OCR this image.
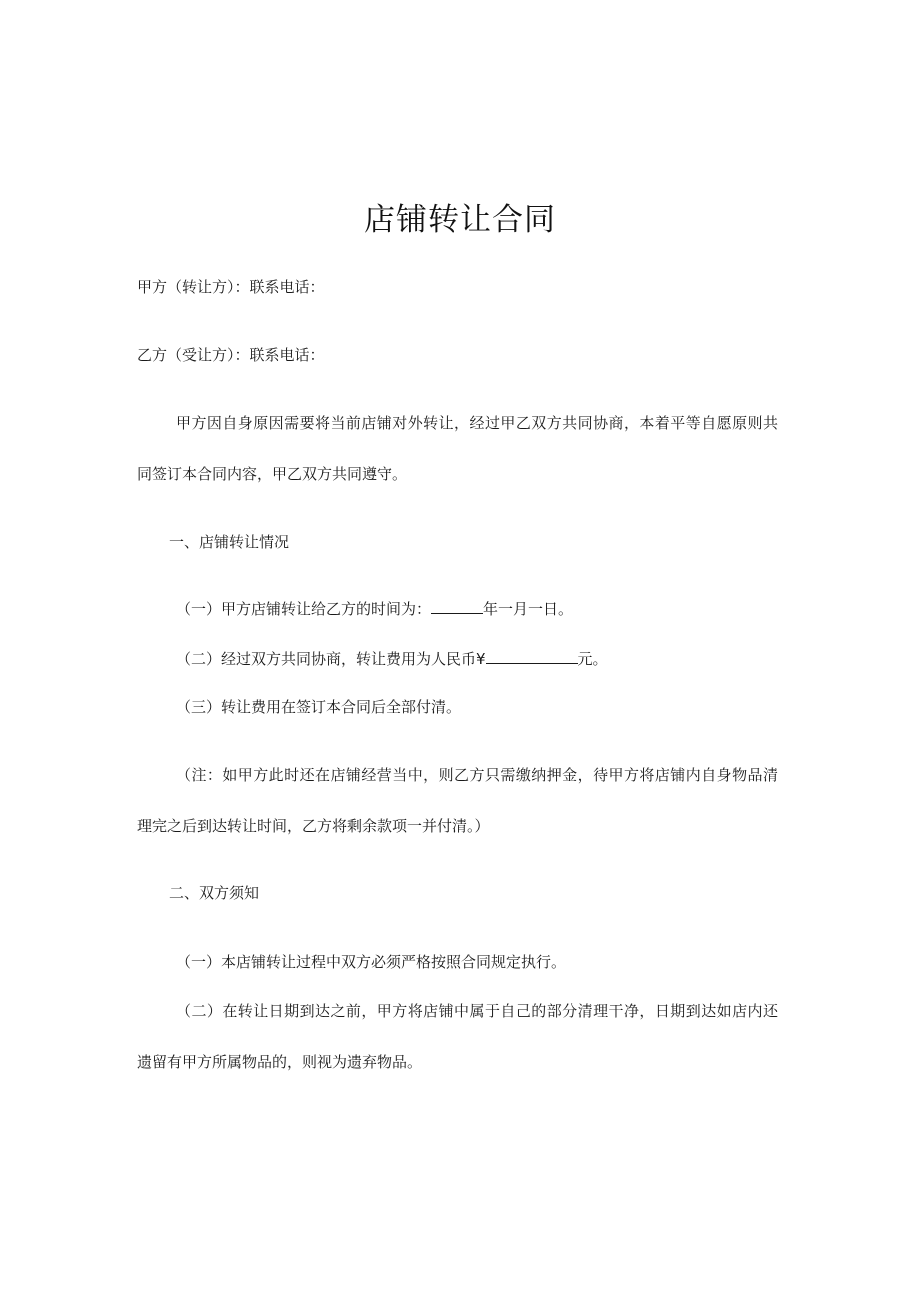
店铺转让合同
甲方（转让方）：联系电话：
乙方（受让方）：联系电话：
甲方因自身原因需要将当前店铺对外转让，经过甲乙双方共同协商，本着平等自愿原则共
同签订本合同内容，甲乙双方共同遵守。
一、店铺转让情况
（一）甲方店铺转让给乙方的时间为：	年一月一日。
（二）经过双方共同协商，转让费用为人民币¥	元。
（三）转让费用在签订本合同后全部付清。
（注：如甲方此时还在店铺经营当中，则乙方只需缴纳押金，待甲方将店铺内自身物品清
理完之后到达转让时间，乙方将剩余款项一并付清。）
二、双方须知
（一）本店铺转让过程中双方必须严格按照合同规定执行。
（二）在转让日期到达之前，甲方将店铺中属于自己的部分清理干净，日期到达如店内还
遗留有甲方所属物品的，则视为遗弃物品。
